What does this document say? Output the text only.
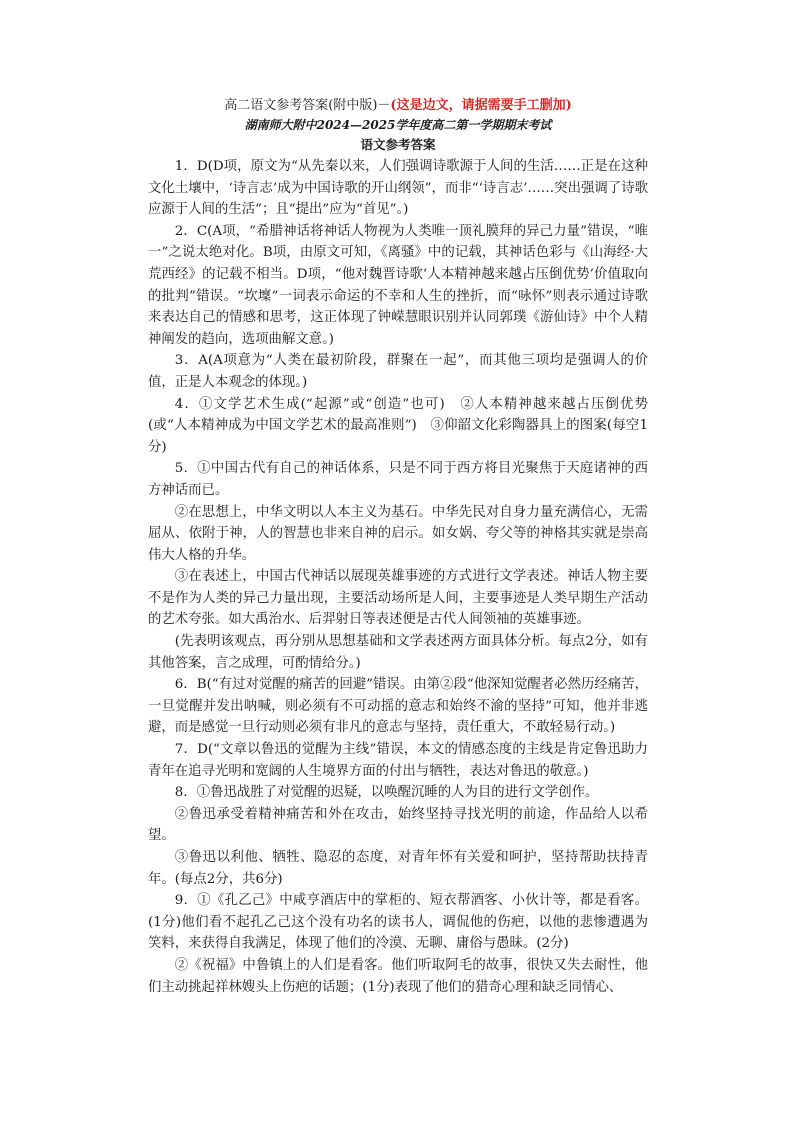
高二语文参考答案(附中版)－(这是边文，请据需要手工删加)
湖南师大附中2024—2025学年度高二第一学期期末考试
语文参考答案

1．D(D项，原文为“从先秦以来，人们强调诗歌源于人间的生活……正是在这种文化土壤中，‘诗言志’成为中国诗歌的开山纲领”，而非“‘诗言志’……突出强调了诗歌应源于人间的生活”；且“提出”应为“首见”。)

2．C(A项，“希腊神话将神话人物视为人类唯一顶礼膜拜的异己力量”错误，“唯一”之说太绝对化。B项，由原文可知，《离骚》中的记载，其神话色彩与《山海经·大荒西经》的记载不相当。D项，“他对魏晋诗歌‘人本精神越来越占压倒优势’价值取向的批判”错误。“坎壈”一词表示命运的不幸和人生的挫折，而“咏怀”则表示通过诗歌来表达自己的情感和思考，这正体现了钟嵘慧眼识别并认同郭璞《游仙诗》中个人精神阐发的趋向，选项曲解文意。)

3．A(A项意为“人类在最初阶段，群聚在一起”，而其他三项均是强调人的价值，正是人本观念的体现。)

4．①文学艺术生成(“起源”或“创造”也可)　②人本精神越来越占压倒优势(或“人本精神成为中国文学艺术的最高准则”)　③仰韶文化彩陶器具上的图案(每空1分)

5．①中国古代有自己的神话体系，只是不同于西方将目光聚焦于天庭诸神的西方神话而已。

②在思想上，中华文明以人本主义为基石。中华先民对自身力量充满信心，无需屈从、依附于神，人的智慧也非来自神的启示。如女娲、夸父等的神格其实就是崇高伟大人格的升华。

③在表述上，中国古代神话以展现英雄事迹的方式进行文学表述。神话人物主要不是作为人类的异己力量出现，主要活动场所是人间，主要事迹是人类早期生产活动的艺术夸张。如大禹治水、后羿射日等表述便是古代人间领袖的英雄事迹。

(先表明该观点，再分别从思想基础和文学表述两方面具体分析。每点2分，如有其他答案，言之成理，可酌情给分。)

6．B(“有过对觉醒的痛苦的回避”错误。由第②段“他深知觉醒者必然历经痛苦，一旦觉醒并发出呐喊，则必须有不可动摇的意志和始终不渝的坚持”可知，他并非逃避，而是感觉一旦行动则必须有非凡的意志与坚持，责任重大，不敢轻易行动。)

7．D(“文章以鲁迅的觉醒为主线”错误，本文的情感态度的主线是肯定鲁迅助力青年在追寻光明和宽阔的人生境界方面的付出与牺牲，表达对鲁迅的敬意。)

8．①鲁迅战胜了对觉醒的迟疑，以唤醒沉睡的人为目的进行文学创作。

②鲁迅承受着精神痛苦和外在攻击，始终坚持寻找光明的前途，作品给人以希望。

③鲁迅以利他、牺牲、隐忍的态度，对青年怀有关爱和呵护，坚持帮助扶持青年。(每点2分，共6分)

9．①《孔乙己》中咸亨酒店中的掌柜的、短衣帮酒客、小伙计等，都是看客。(1分)他们看不起孔乙己这个没有功名的读书人，调侃他的伤疤，以他的悲惨遭遇为笑料，来获得自我满足，体现了他们的冷漠、无聊、庸俗与愚昧。(2分)

②《祝福》中鲁镇上的人们是看客。他们听取阿毛的故事，很快又失去耐性，他们主动挑起祥林嫂头上伤疤的话题；(1分)表现了他们的猎奇心理和缺乏同情心、
